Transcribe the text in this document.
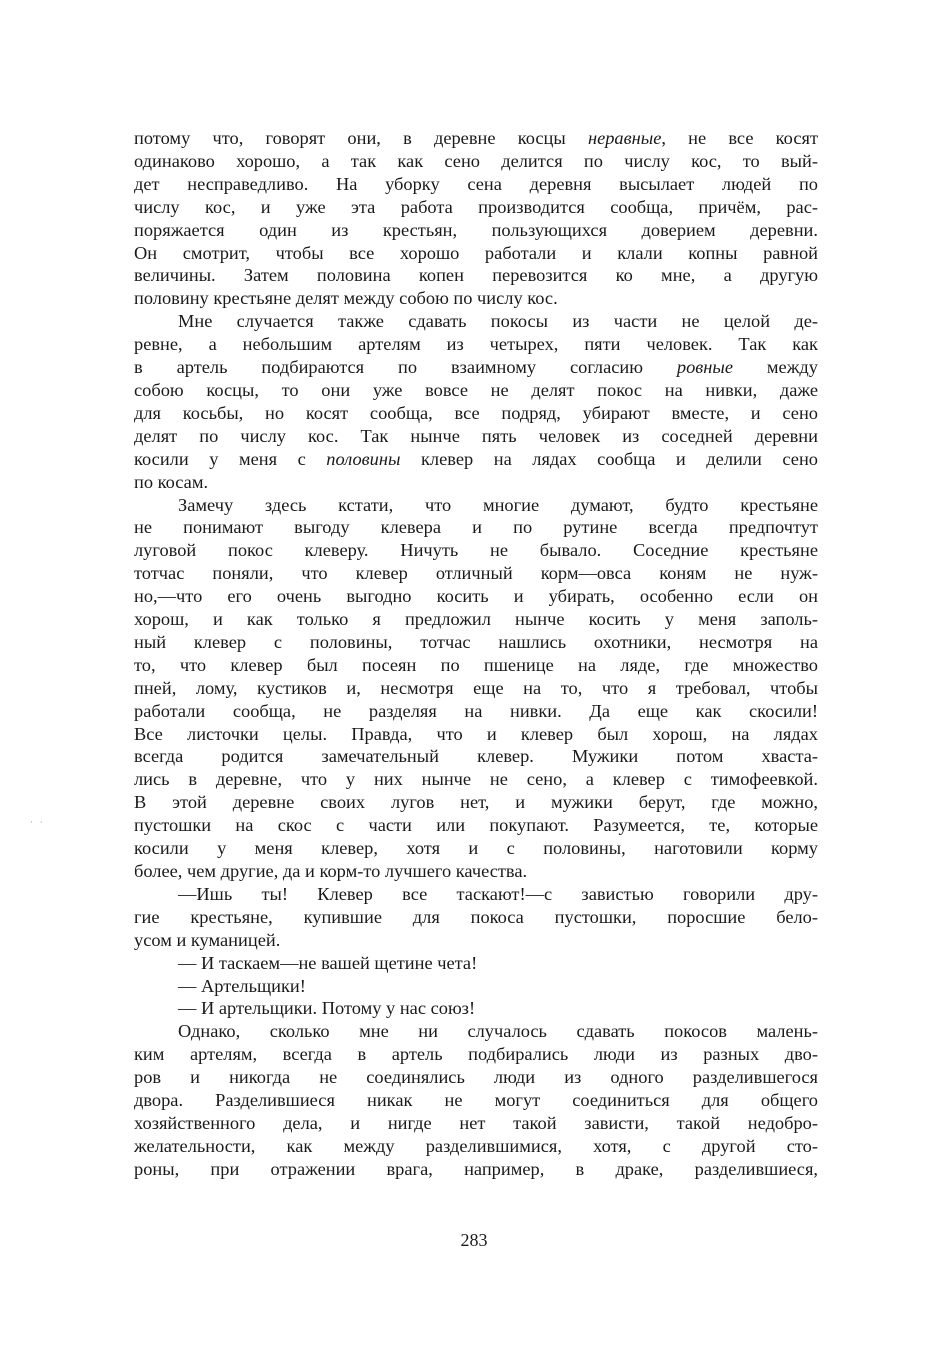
потому что, говорят они, в деревне косцы неравные, не все косят
одинаково хорошо, а так как сено делится по числу кос, то вый-
дет несправедливо. На уборку сена деревня высылает людей по
числу кос, и уже эта работа производится сообща, причём, рас-
поряжается один из крестьян, пользующихся доверием деревни.
Он смотрит, чтобы все хорошо работали и клали копны равной
величины. Затем половина копен перевозится ко мне, а другую
половину крестьяне делят между собою по числу кос.
Мне случается также сдавать покосы из части не целой де-
ревне, а небольшим артелям из четырех, пяти человек. Так как
в артель подбираются по взаимному согласию ровные между
собою косцы, то они уже вовсе не делят покос на нивки, даже
для косьбы, но косят сообща, все подряд, убирают вместе, и сено
делят по числу кос. Так нынче пять человек из соседней деревни
косили у меня с половины клевер на лядах сообща и делили сено
по косам.
Замечу здесь кстати, что многие думают, будто крестьяне
не понимают выгоду клевера и по рутине всегда предпочтут
луговой покос клеверу. Ничуть не бывало. Соседние крестьяне
тотчас поняли, что клевер отличный корм—овса коням не нуж-
но,—что его очень выгодно косить и убирать, особенно если он
хорош, и как только я предложил нынче косить у меня заполь-
ный клевер с половины, тотчас нашлись охотники, несмотря на
то, что клевер был посеян по пшенице на ляде, где множество
пней, лому, кустиков и, несмотря еще на то, что я требовал, чтобы
работали сообща, не разделяя на нивки. Да еще как скосили!
Все листочки целы. Правда, что и клевер был хорош, на лядах
всегда родится замечательный клевер. Мужики потом хваста-
лись в деревне, что у них нынче не сено, а клевер с тимофеевкой.
В этой деревне своих лугов нет, и мужики берут, где можно,
пустошки на скос с части или покупают. Разумеется, те, которые
косили у меня клевер, хотя и с половины, наготовили корму
более, чем другие, да и корм-то лучшего качества.
—Ишь ты! Клевер все таскают!—с завистью говорили дру-
гие крестьяне, купившие для покоса пустошки, поросшие бело-
усом и куманицей.
— И таскаем—не вашей щетине чета!
— Артельщики!
— И артельщики. Потому у нас союз!
Однако, сколько мне ни случалось сдавать покосов малень-
ким артелям, всегда в артель подбирались люди из разных дво-
ров и никогда не соединялись люди из одного разделившегося
двора. Разделившиеся никак не могут соединиться для общего
хозяйственного дела, и нигде нет такой зависти, такой недобро-
желательности, как между разделившимися, хотя, с другой сто-
роны, при отражении врага, например, в драке, разделившиеся,
283
· ·
